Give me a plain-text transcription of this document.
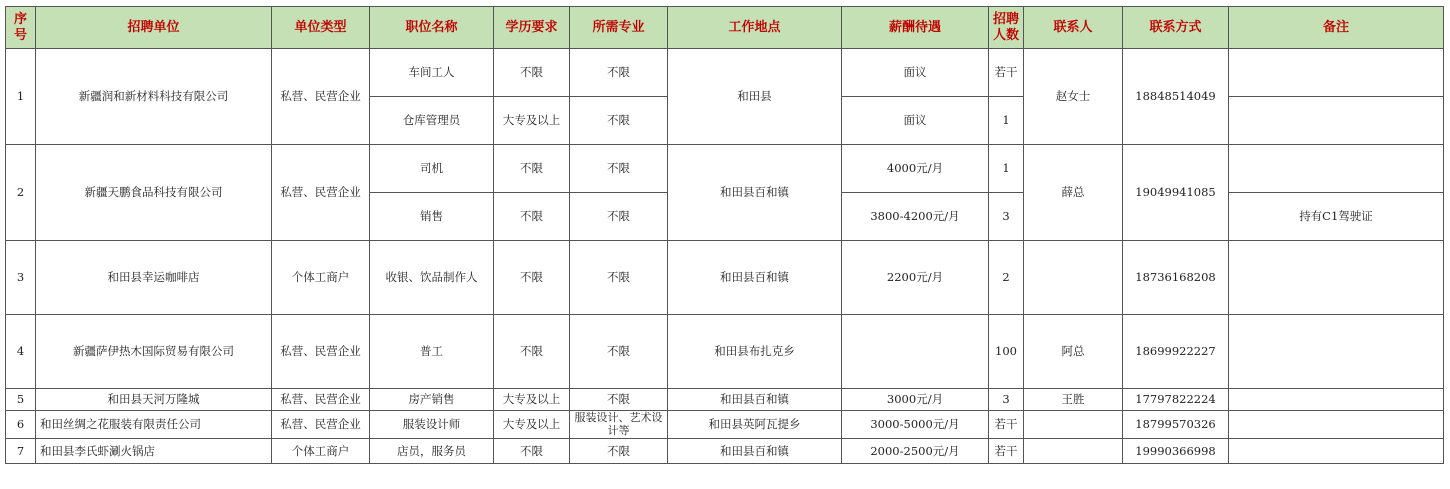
序号	招聘单位	单位类型	职位名称	学历要求	所需专业	工作地点	薪酬待遇	招聘人数	联系人	联系方式	备注
1	新疆润和新材料科技有限公司	私营、民营企业	车间工人	不限	不限	和田县	面议	若干	赵女士	18848514049	
			仓库管理员	大专及以上	不限		面议	1			
2	新疆天鹏食品科技有限公司	私营、民营企业	司机	不限	不限	和田县百和镇	4000元/月	1	薛总	19049941085	
			销售	不限	不限		3800-4200元/月	3			持有C1驾驶证
3	和田县幸运咖啡店	个体工商户	收银、饮品制作人	不限	不限	和田县百和镇	2200元/月	2		18736168208	
4	新疆萨伊热木国际贸易有限公司	私营、民营企业	普工	不限	不限	和田县布扎克乡		100	阿总	18699922227	
5	和田县天河万隆城	私营、民营企业	房产销售	大专及以上	不限	和田县百和镇	3000元/月	3	王胜	17797822224	
6	和田丝绸之花服装有限责任公司	私营、民营企业	服装设计师	大专及以上	服装设计、艺术设计等	和田县英阿瓦提乡	3000-5000元/月	若干		18799570326	
7	和田县李氏虾涮火锅店	个体工商户	店员，服务员	不限	不限	和田县百和镇	2000-2500元/月	若干		19990366998	
